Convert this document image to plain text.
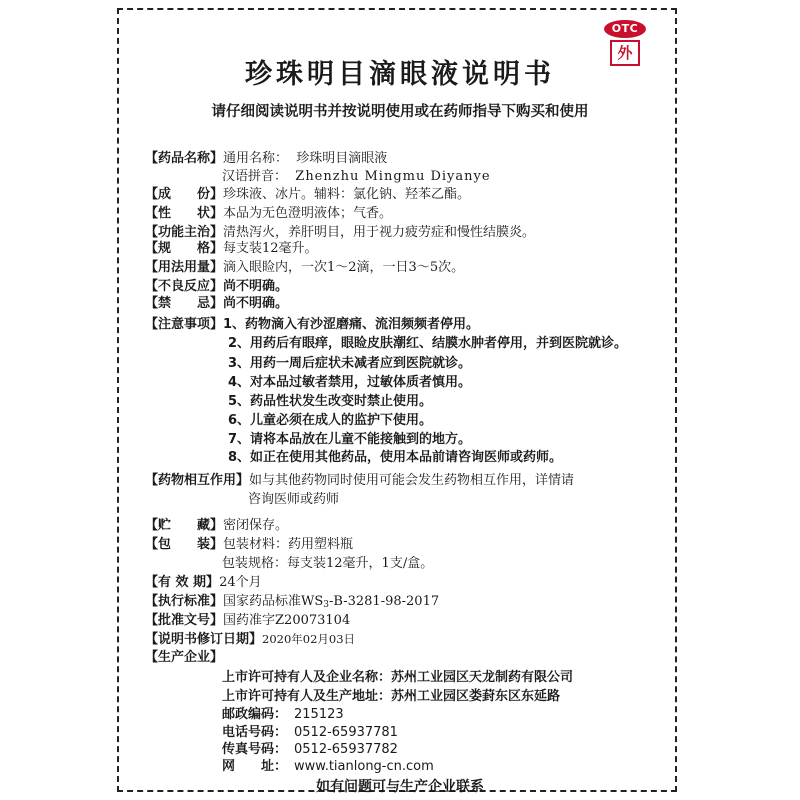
OTC
外
珍珠明目滴眼液说明书
请仔细阅读说明书并按说明使用或在药师指导下购买和使用
【药品名称】通用名称： 珍珠明目滴眼液
汉语拼音： Zhenzhu Mingmu Diyanye
【成　　份】珍珠液、冰片。辅料：氯化钠、羟苯乙酯。
【性　　状】本品为无色澄明液体；气香。
【功能主治】清热泻火，养肝明目，用于视力疲劳症和慢性结膜炎。
【规　　格】每支装12毫升。
【用法用量】滴入眼睑内，一次1～2滴，一日3～5次。
【不良反应】尚不明确。
【禁　　忌】尚不明确。
【注意事项】1、药物滴入有沙涩磨痛、流泪频频者停用。
2、用药后有眼痒，眼睑皮肤潮红、结膜水肿者停用，并到医院就诊。
3、用药一周后症状未减者应到医院就诊。
4、对本品过敏者禁用，过敏体质者慎用。
5、药品性状发生改变时禁止使用。
6、儿童必须在成人的监护下使用。
7、请将本品放在儿童不能接触到的地方。
8、如正在使用其他药品，使用本品前请咨询医师或药师。
【药物相互作用】如与其他药物同时使用可能会发生药物相互作用，详情请
咨询医师或药师
【贮　　藏】密闭保存。
【包　　装】包装材料：药用塑料瓶
包装规格：每支装12毫升，1支/盒。
【有 效 期】24个月
【执行标准】国家药品标准$WS_3-B-3281-98-2017$
【批准文号】国药准字Z20073104
【说明书修订日期】2020年02月03日
【生产企业】
上市许可持有人及企业名称：苏州工业园区天龙制药有限公司
上市许可持有人及生产地址：苏州工业园区娄葑东区东延路
邮政编码： 215123
电话号码： 0512-65937781
传真号码： 0512-65937782
网　　址： www.tianlong-cn.com
如有问题可与生产企业联系
